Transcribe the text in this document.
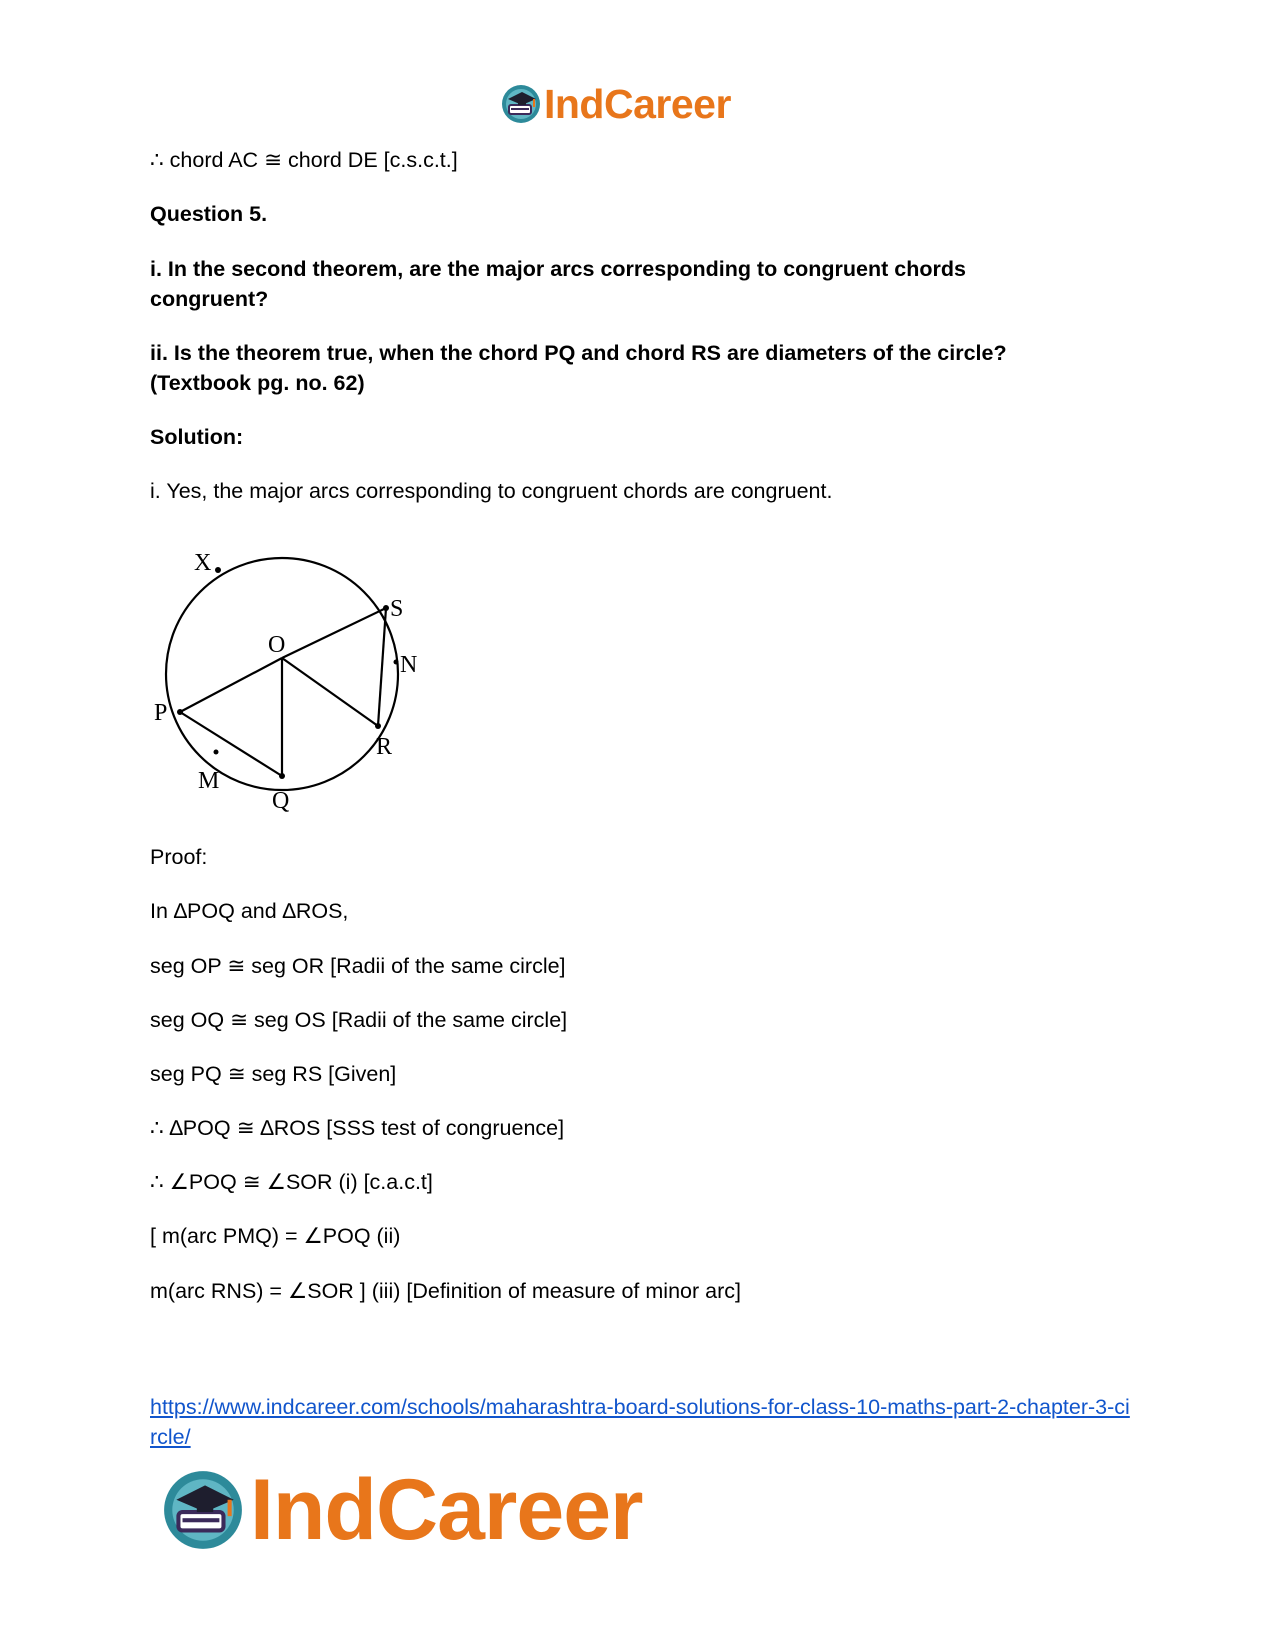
IndCareer
∴ chord AC ≅ chord DE [c.s.c.t.]
Question 5.
i. In the second theorem, are the major arcs corresponding to congruent chords congruent?
ii. Is the theorem true, when the chord PQ and chord RS are diameters of the circle? (Textbook pg. no. 62)
Solution:
i. Yes, the major arcs corresponding to congruent chords are congruent.
X
S
O
N
P
R
M
Q
Proof:
In ∆POQ and ∆ROS,
seg OP ≅ seg OR [Radii of the same circle]
seg OQ ≅ seg OS [Radii of the same circle]
seg PQ ≅ seg RS [Given]
∴ ∆POQ ≅ ∆ROS [SSS test of congruence]
∴ ∠POQ ≅ ∠SOR (i) [c.a.c.t]
[ m(arc PMQ) = ∠POQ (ii)
m(arc RNS) = ∠SOR ] (iii) [Definition of measure of minor arc]
https://www.indcareer.com/schools/maharashtra-board-solutions-for-class-10-maths-part-2-chapter-3-circle/
IndCareer
